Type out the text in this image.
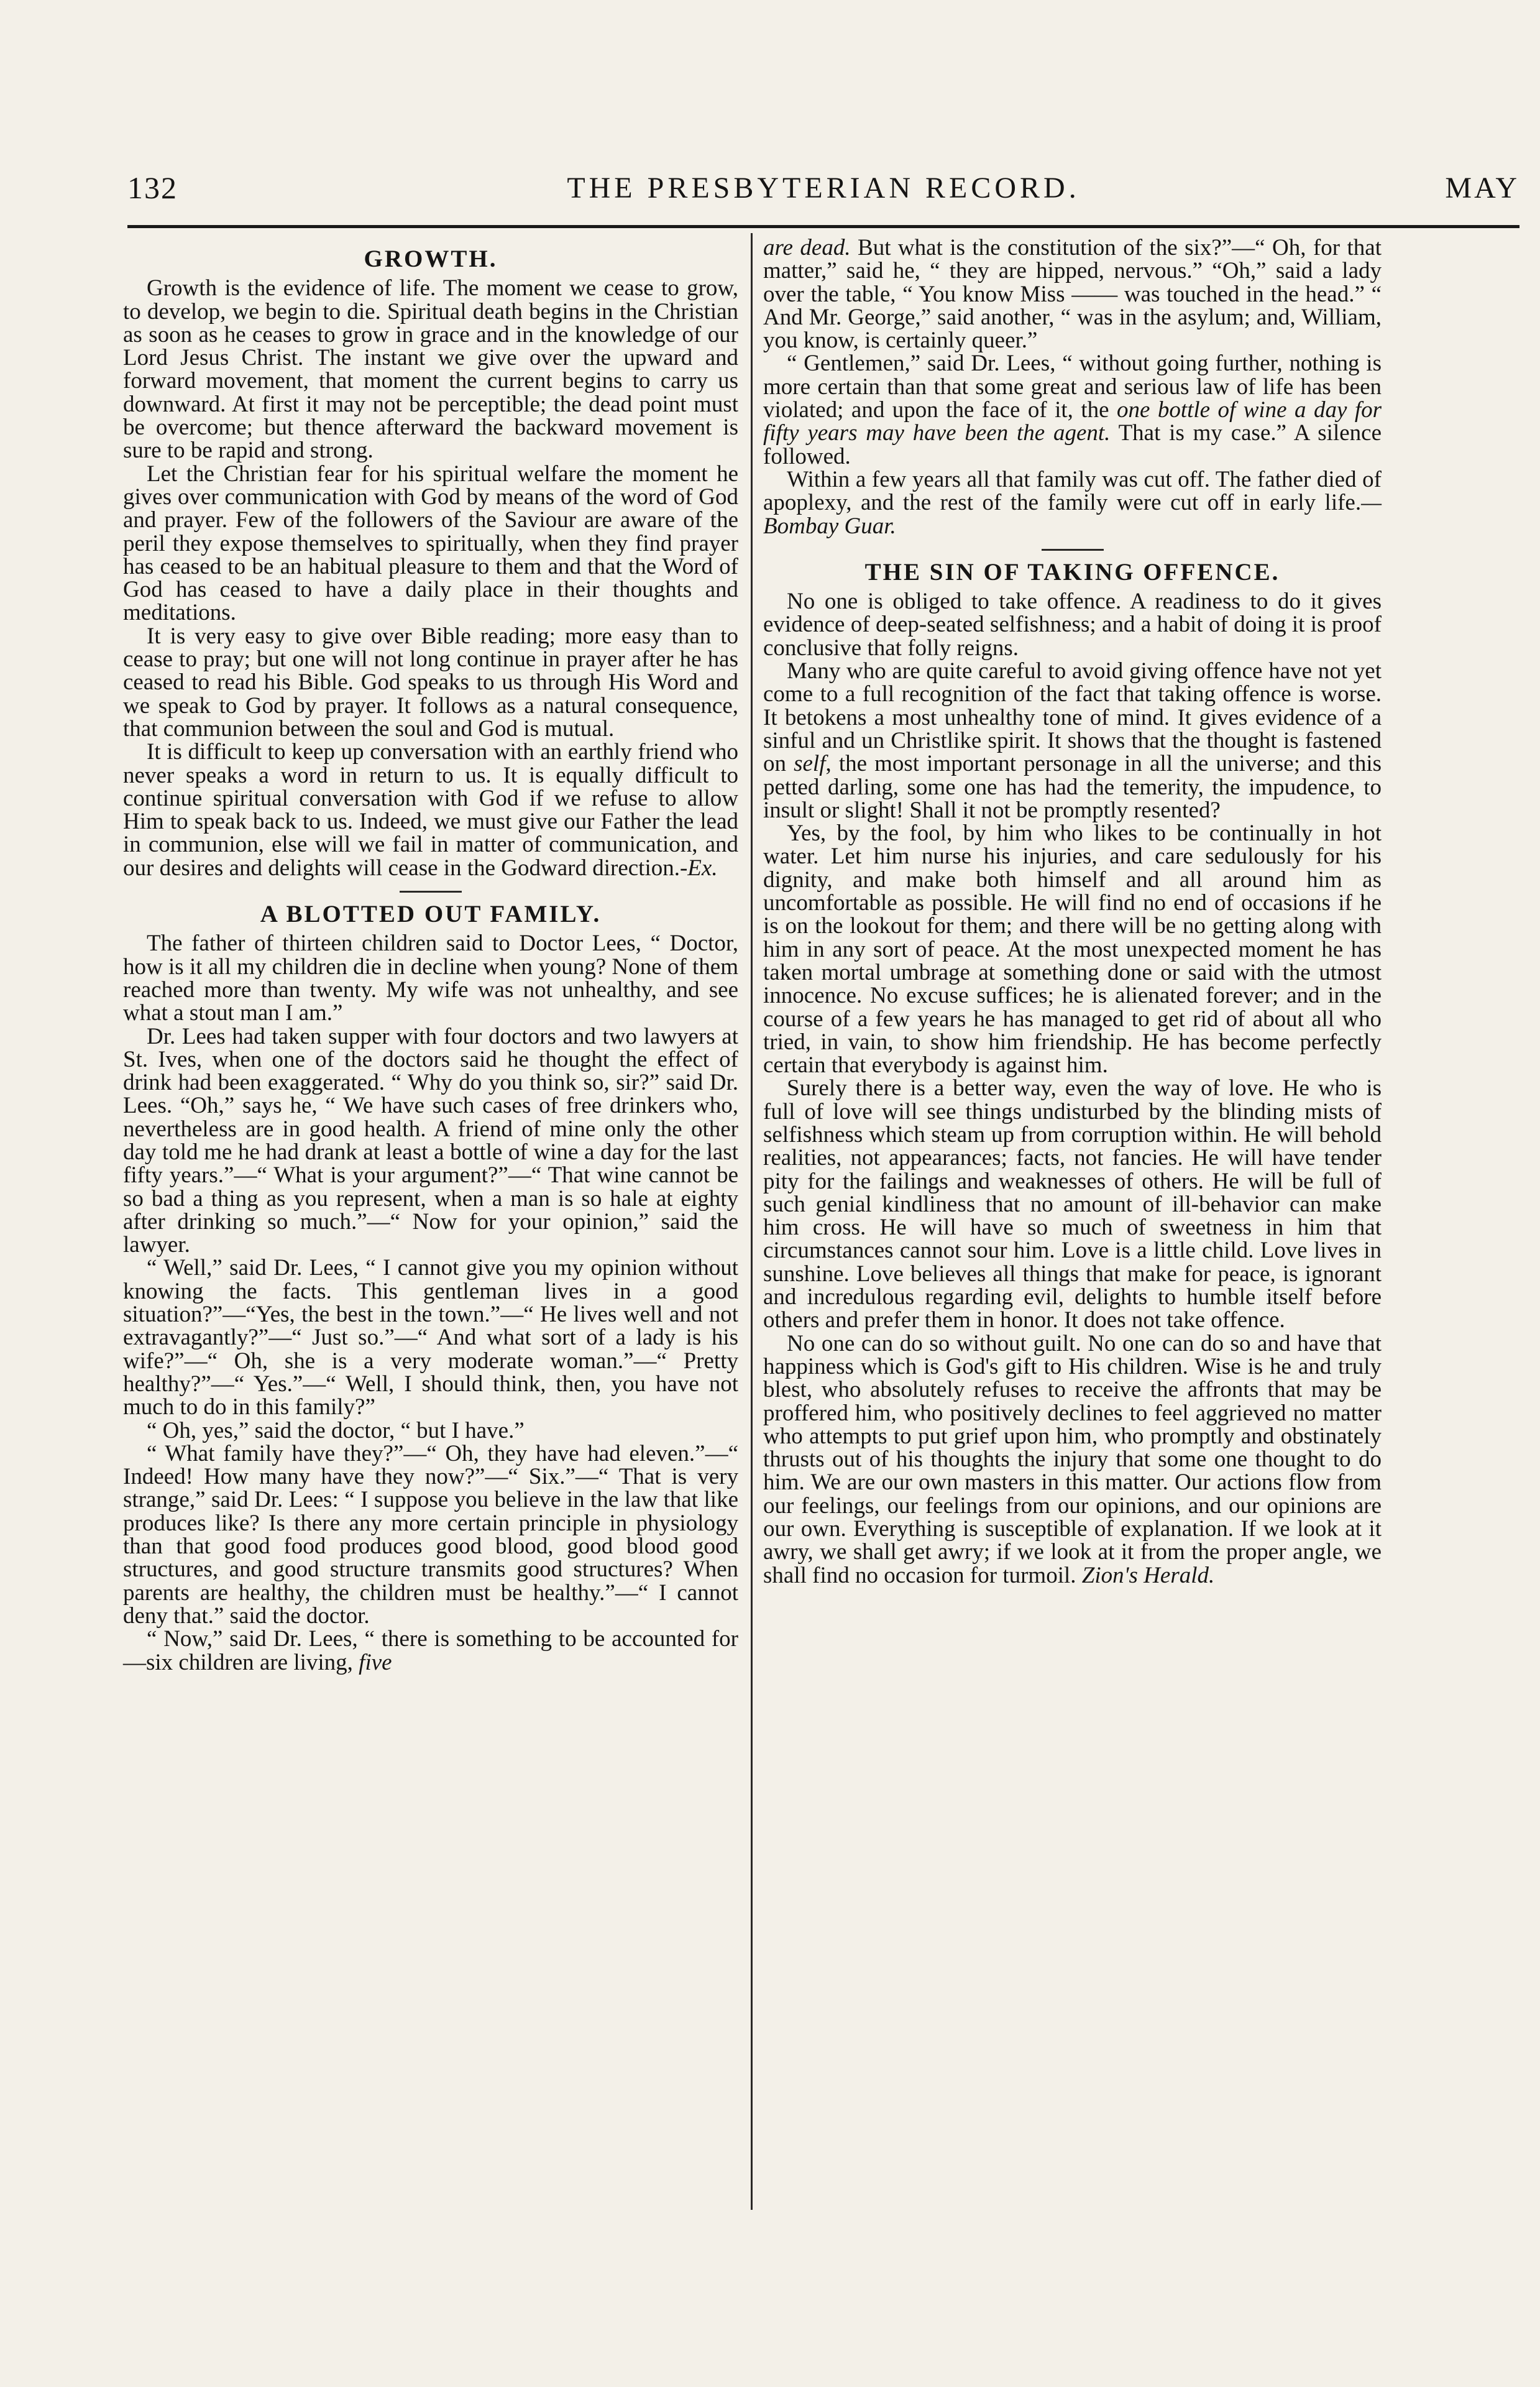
132	THE PRESBYTERIAN RECORD.	MAY
GROWTH.

Growth is the evidence of life. The moment we cease to grow, to develop, we begin to die. Spiritual death begins in the Christian as soon as he ceases to grow in grace and in the knowledge of our Lord Jesus Christ. The instant we give over the upward and forward movement, that moment the current begins to carry us downward. At first it may not be perceptible; the dead point must be overcome; but thence afterward the backward movement is sure to be rapid and strong.

Let the Christian fear for his spiritual welfare the moment he gives over communication with God by means of the word of God and prayer. Few of the followers of the Saviour are aware of the peril they expose themselves to spiritually, when they find prayer has ceased to be an habitual pleasure to them and that the Word of God has ceased to have a daily place in their thoughts and meditations.

It is very easy to give over Bible reading; more easy than to cease to pray; but one will not long continue in prayer after he has ceased to read his Bible. God speaks to us through His Word and we speak to God by prayer. It follows as a natural consequence, that communion between the soul and God is mutual.

It is difficult to keep up conversation with an earthly friend who never speaks a word in return to us. It is equally difficult to continue spiritual conversation with God if we refuse to allow Him to speak back to us. Indeed, we must give our Father the lead in communion, else will we fail in matter of communication, and our desires and delights will cease in the Godward direction.-Ex.

A BLOTTED OUT FAMILY.

The father of thirteen children said to Doctor Lees, “ Doctor, how is it all my children die in decline when young? None of them reached more than twenty. My wife was not unhealthy, and see what a stout man I am.”

Dr. Lees had taken supper with four doctors and two lawyers at St. Ives, when one of the doctors said he thought the effect of drink had been exaggerated. “ Why do you think so, sir?” said Dr. Lees. “Oh,” says he, “ We have such cases of free drinkers who, nevertheless are in good health. A friend of mine only the other day told me he had drank at least a bottle of wine a day for the last fifty years.”—“ What is your argument?”—“ That wine cannot be so bad a thing as you represent, when a man is so hale at eighty after drinking so much.”—“ Now for your opinion,” said the lawyer.

“ Well,” said Dr. Lees, “ I cannot give you my opinion without knowing the facts. This gentleman lives in a good situation?”—“Yes, the best in the town.”—“ He lives well and not extravagantly?”—“ Just so.”—“ And what sort of a lady is his wife?”—“ Oh, she is a very moderate woman.”—“ Pretty healthy?”—“ Yes.”—“ Well, I should think, then, you have not much to do in this family?”

“ Oh, yes,” said the doctor, “ but I have.”

“ What family have they?”—“ Oh, they have had eleven.”—“ Indeed! How many have they now?”—“ Six.”—“ That is very strange,” said Dr. Lees: “ I suppose you believe in the law that like produces like? Is there any more certain principle in physiology than that good food produces good blood, good blood good structures, and good structure transmits good structures? When parents are healthy, the children must be healthy.”—“ I cannot deny that.” said the doctor.

“ Now,” said Dr. Lees, “ there is something to be accounted for—six children are living, five

are dead. But what is the constitution of the six?”—“ Oh, for that matter,” said he, “ they are hipped, nervous.” “Oh,” said a lady over the table, “ You know Miss —— was touched in the head.” “ And Mr. George,” said another, “ was in the asylum; and, William, you know, is certainly queer.”

“ Gentlemen,” said Dr. Lees, “ without going further, nothing is more certain than that some great and serious law of life has been violated; and upon the face of it, the one bottle of wine a day for fifty years may have been the agent. That is my case.” A silence followed.

Within a few years all that family was cut off. The father died of apoplexy, and the rest of the family were cut off in early life.—Bombay Guar.

THE SIN OF TAKING OFFENCE.

No one is obliged to take offence. A readiness to do it gives evidence of deep-seated selfishness; and a habit of doing it is proof conclusive that folly reigns.

Many who are quite careful to avoid giving offence have not yet come to a full recognition of the fact that taking offence is worse. It betokens a most unhealthy tone of mind. It gives evidence of a sinful and un Christlike spirit. It shows that the thought is fastened on self, the most important personage in all the universe; and this petted darling, some one has had the temerity, the impudence, to insult or slight! Shall it not be promptly resented?

Yes, by the fool, by him who likes to be continually in hot water. Let him nurse his injuries, and care sedulously for his dignity, and make both himself and all around him as uncomfortable as possible. He will find no end of occasions if he is on the lookout for them; and there will be no getting along with him in any sort of peace. At the most unexpected moment he has taken mortal umbrage at something done or said with the utmost innocence. No excuse suffices; he is alienated forever; and in the course of a few years he has managed to get rid of about all who tried, in vain, to show him friendship. He has become perfectly certain that everybody is against him.

Surely there is a better way, even the way of love. He who is full of love will see things undisturbed by the blinding mists of selfishness which steam up from corruption within. He will behold realities, not appearances; facts, not fancies. He will have tender pity for the failings and weaknesses of others. He will be full of such genial kindliness that no amount of ill-behavior can make him cross. He will have so much of sweetness in him that circumstances cannot sour him. Love is a little child. Love lives in sunshine. Love believes all things that make for peace, is ignorant and incredulous regarding evil, delights to humble itself before others and prefer them in honor. It does not take offence.

No one can do so without guilt. No one can do so and have that happiness which is God's gift to His children. Wise is he and truly blest, who absolutely refuses to receive the affronts that may be proffered him, who positively declines to feel aggrieved no matter who attempts to put grief upon him, who promptly and obstinately thrusts out of his thoughts the injury that some one thought to do him. We are our own masters in this matter. Our actions flow from our feelings, our feelings from our opinions, and our opinions are our own. Everything is susceptible of explanation. If we look at it awry, we shall get awry; if we look at it from the proper angle, we shall find no occasion for turmoil. Zion's Herald.
